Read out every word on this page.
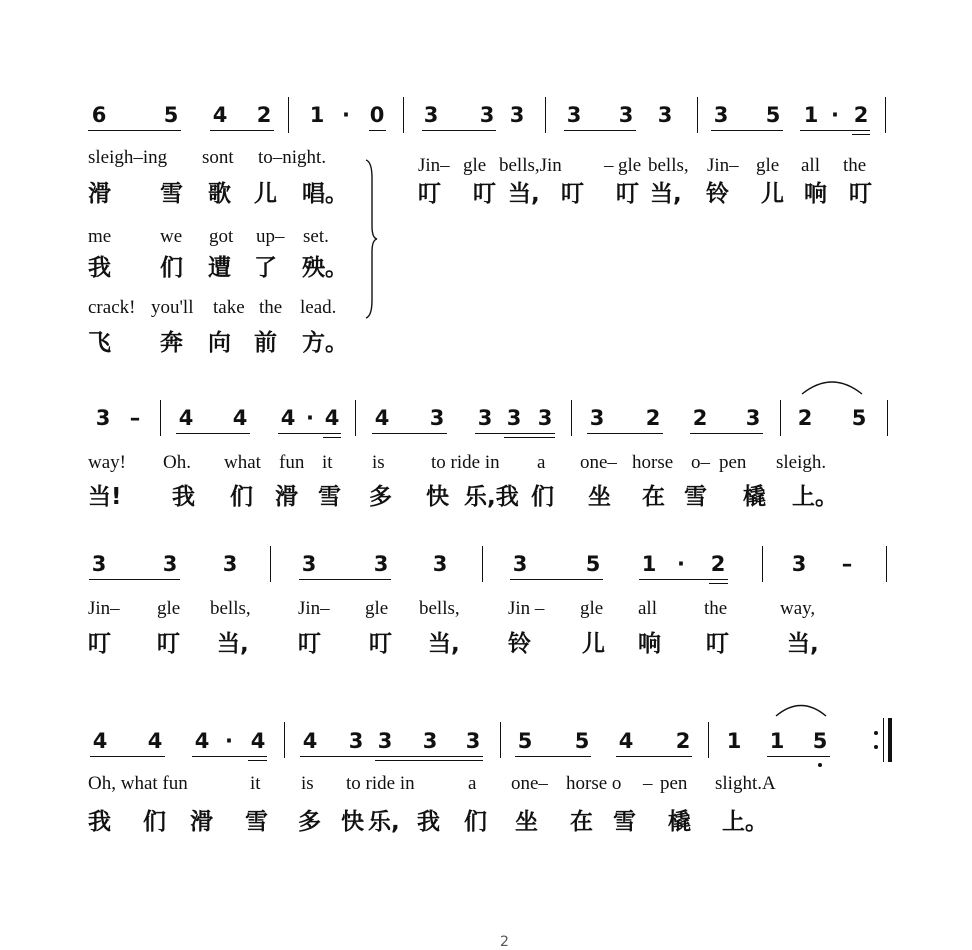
6	5 4 2 1 · 0 3 3 3 3 3 3 3 5 1 · 2
sleigh–ing sont to–night.
滑 雪 歌 儿 唱。
me	we got up– set.
我 们 遭 了 殃。
crack! you'll take the lead.
飞 奔 向 前 方。
Jin– gle bells,Jin – gle bells, Jin– gle all the
叮 叮 当, 叮 叮 当, 铃 儿 响 叮
3 – 4 4 4 · 4 4 3 3 3 3 3 2 2 3 2 5
way! Oh. what fun it is to ride in a one– horse o– pen sleigh.
当! 我 们 滑 雪 多 快 乐,我 们 坐 在 雪 橇 上。
3	3 3	3	3 3	3	5 1 · 2	3 –
Jin– gle bells, Jin– gle bells,	Jin – gle all the	way,
叮 叮 当, 叮 叮 当, 铃 儿 响 叮	当,
4 4 4 · 4 4 3 3 3 3 5 5 4 2 1 1 5
Oh, what fun	it is to ride in	a one– horse o – pen slight.A
我 们 滑 雪 多 快 乐, 我 们 坐 在 雪 橇 上。
2
